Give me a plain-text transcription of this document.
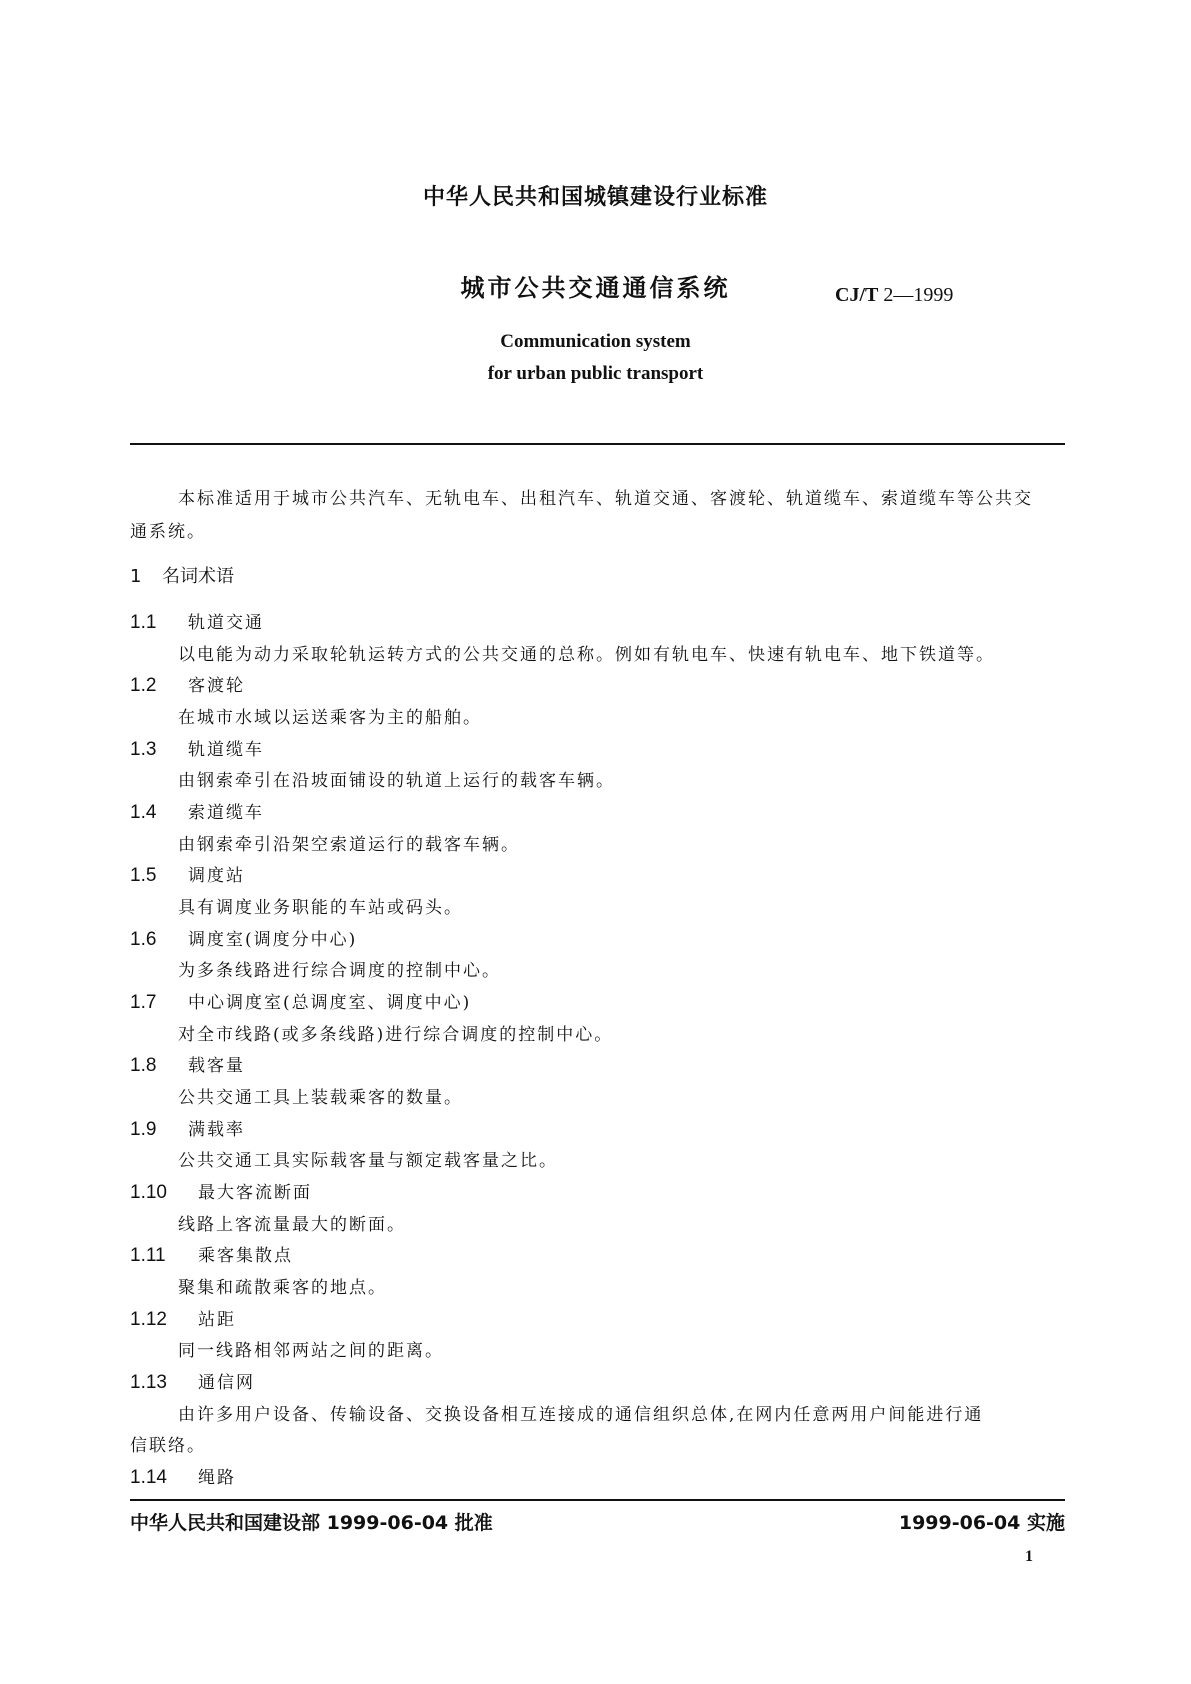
中华人民共和国城镇建设行业标准
城市公共交通通信系统	CJ/T 2—1999
Communication system
for urban public transport
本标准适用于城市公共汽车、无轨电车、出租汽车、轨道交通、客渡轮、轨道缆车、索道缆车等公共交
通系统。
1 名词术语
1.1 轨道交通
以电能为动力采取轮轨运转方式的公共交通的总称。例如有轨电车、快速有轨电车、地下铁道等。
1.2 客渡轮
在城市水域以运送乘客为主的船舶。
1.3 轨道缆车
由钢索牵引在沿坡面铺设的轨道上运行的载客车辆。
1.4 索道缆车
由钢索牵引沿架空索道运行的载客车辆。
1.5 调度站
具有调度业务职能的车站或码头。
1.6 调度室(调度分中心)
为多条线路进行综合调度的控制中心。
1.7 中心调度室(总调度室、调度中心)
对全市线路(或多条线路)进行综合调度的控制中心。
1.8 载客量
公共交通工具上装载乘客的数量。
1.9 满载率
公共交通工具实际载客量与额定载客量之比。
1.10 最大客流断面
线路上客流量最大的断面。
1.11 乘客集散点
聚集和疏散乘客的地点。
1.12 站距
同一线路相邻两站之间的距离。
1.13 通信网
由许多用户设备、传输设备、交换设备相互连接成的通信组织总体,在网内任意两用户间能进行通
信联络。
1.14 绳路
中华人民共和国建设部 1999-06-04 批准	1999-06-04 实施
1
